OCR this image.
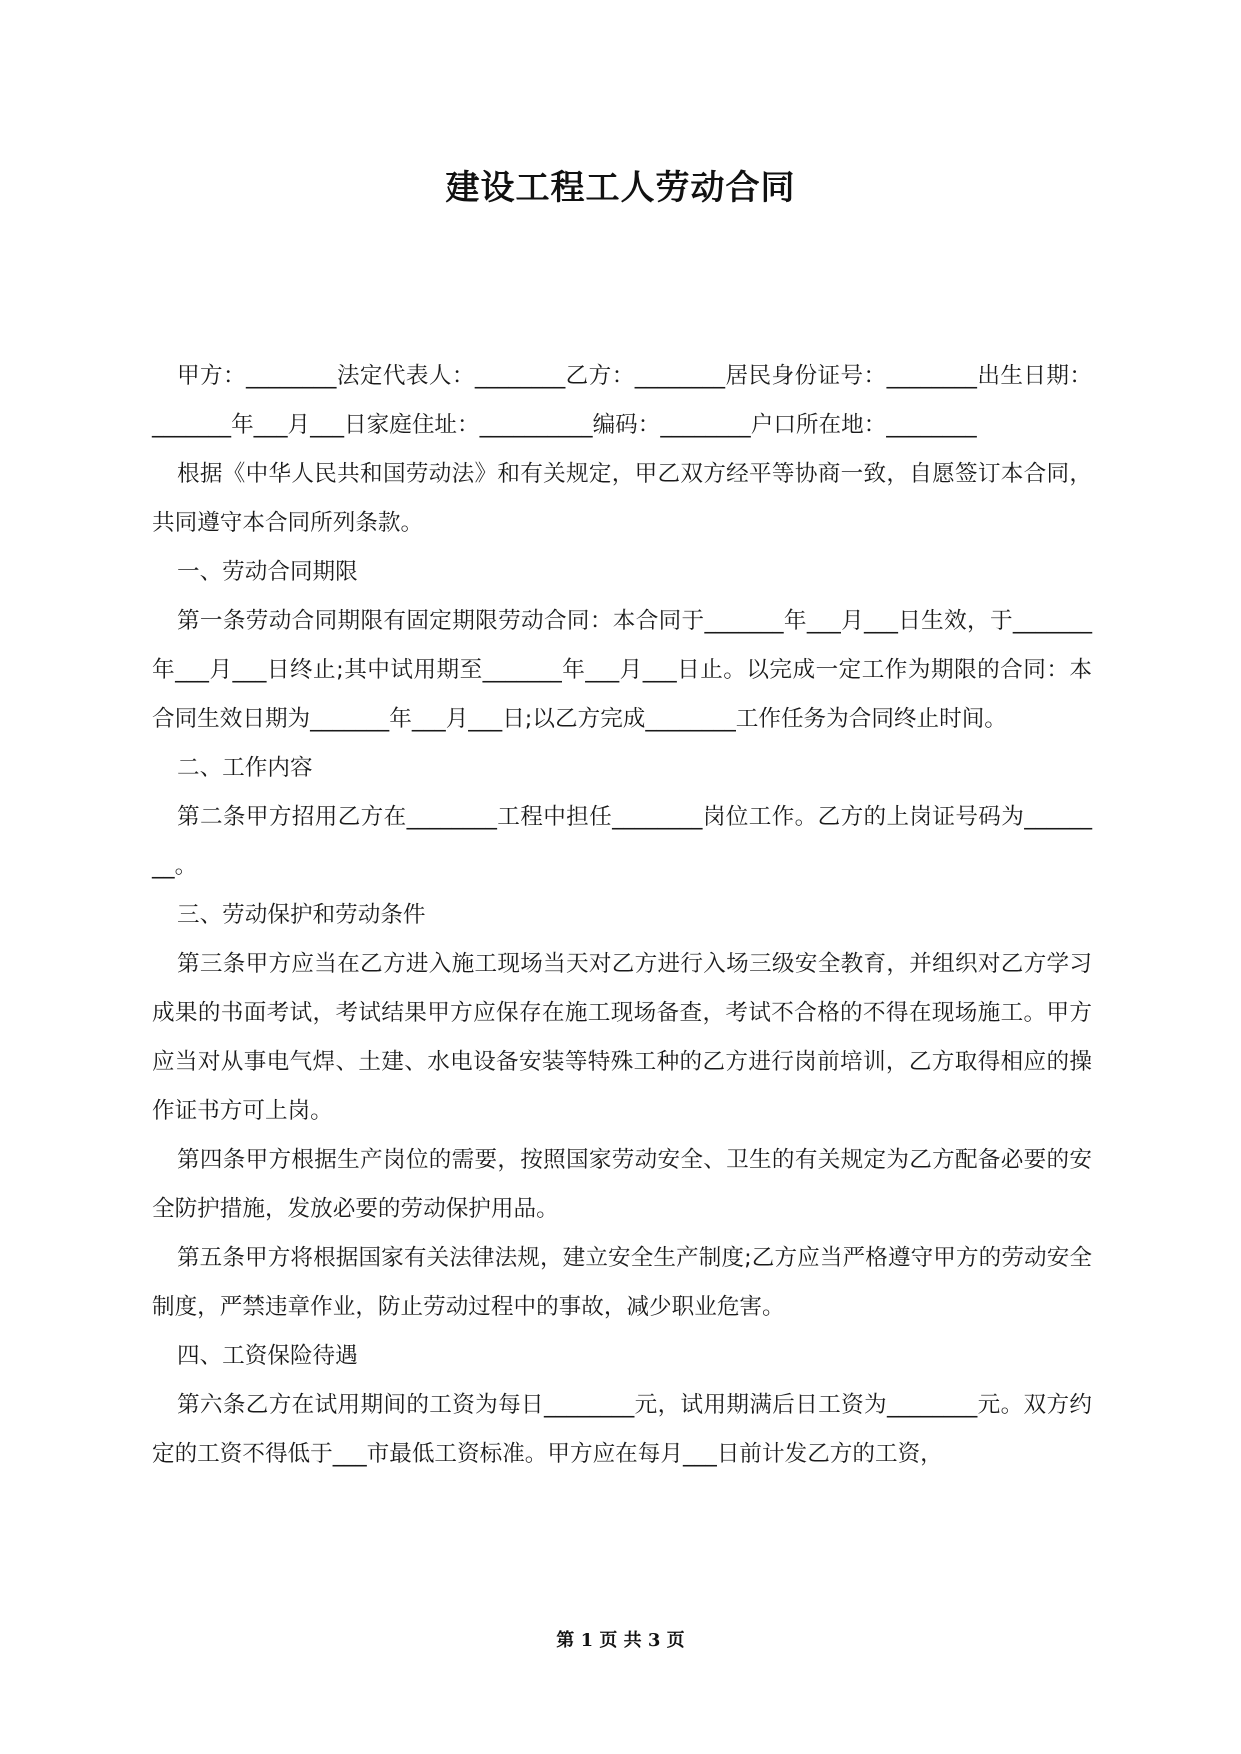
建设工程工人劳动合同

甲方：________法定代表人：________乙方：________居民身份证号：________出生日期：_______年___月___日家庭住址：__________编码：________户口所在地：________

根据《中华人民共和国劳动法》和有关规定，甲乙双方经平等协商一致，自愿签订本合同，共同遵守本合同所列条款。

一、劳动合同期限

第一条劳动合同期限有固定期限劳动合同：本合同于_______年___月___日生效，于_______年___月___日终止;其中试用期至_______年___月___日止。以完成一定工作为期限的合同：本合同生效日期为_______年___月___日;以乙方完成________工作任务为合同终止时间。

二、工作内容

第二条甲方招用乙方在________工程中担任________岗位工作。乙方的上岗证号码为________。

三、劳动保护和劳动条件

第三条甲方应当在乙方进入施工现场当天对乙方进行入场三级安全教育，并组织对乙方学习成果的书面考试，考试结果甲方应保存在施工现场备查，考试不合格的不得在现场施工。甲方应当对从事电气焊、土建、水电设备安装等特殊工种的乙方进行岗前培训，乙方取得相应的操作证书方可上岗。

第四条甲方根据生产岗位的需要，按照国家劳动安全、卫生的有关规定为乙方配备必要的安全防护措施，发放必要的劳动保护用品。

第五条甲方将根据国家有关法律法规，建立安全生产制度;乙方应当严格遵守甲方的劳动安全制度，严禁违章作业，防止劳动过程中的事故，减少职业危害。

四、工资保险待遇

第六条乙方在试用期间的工资为每日________元，试用期满后日工资为________元。双方约定的工资不得低于___市最低工资标准。甲方应在每月___日前计发乙方的工资，

第 1 页 共 3 页
